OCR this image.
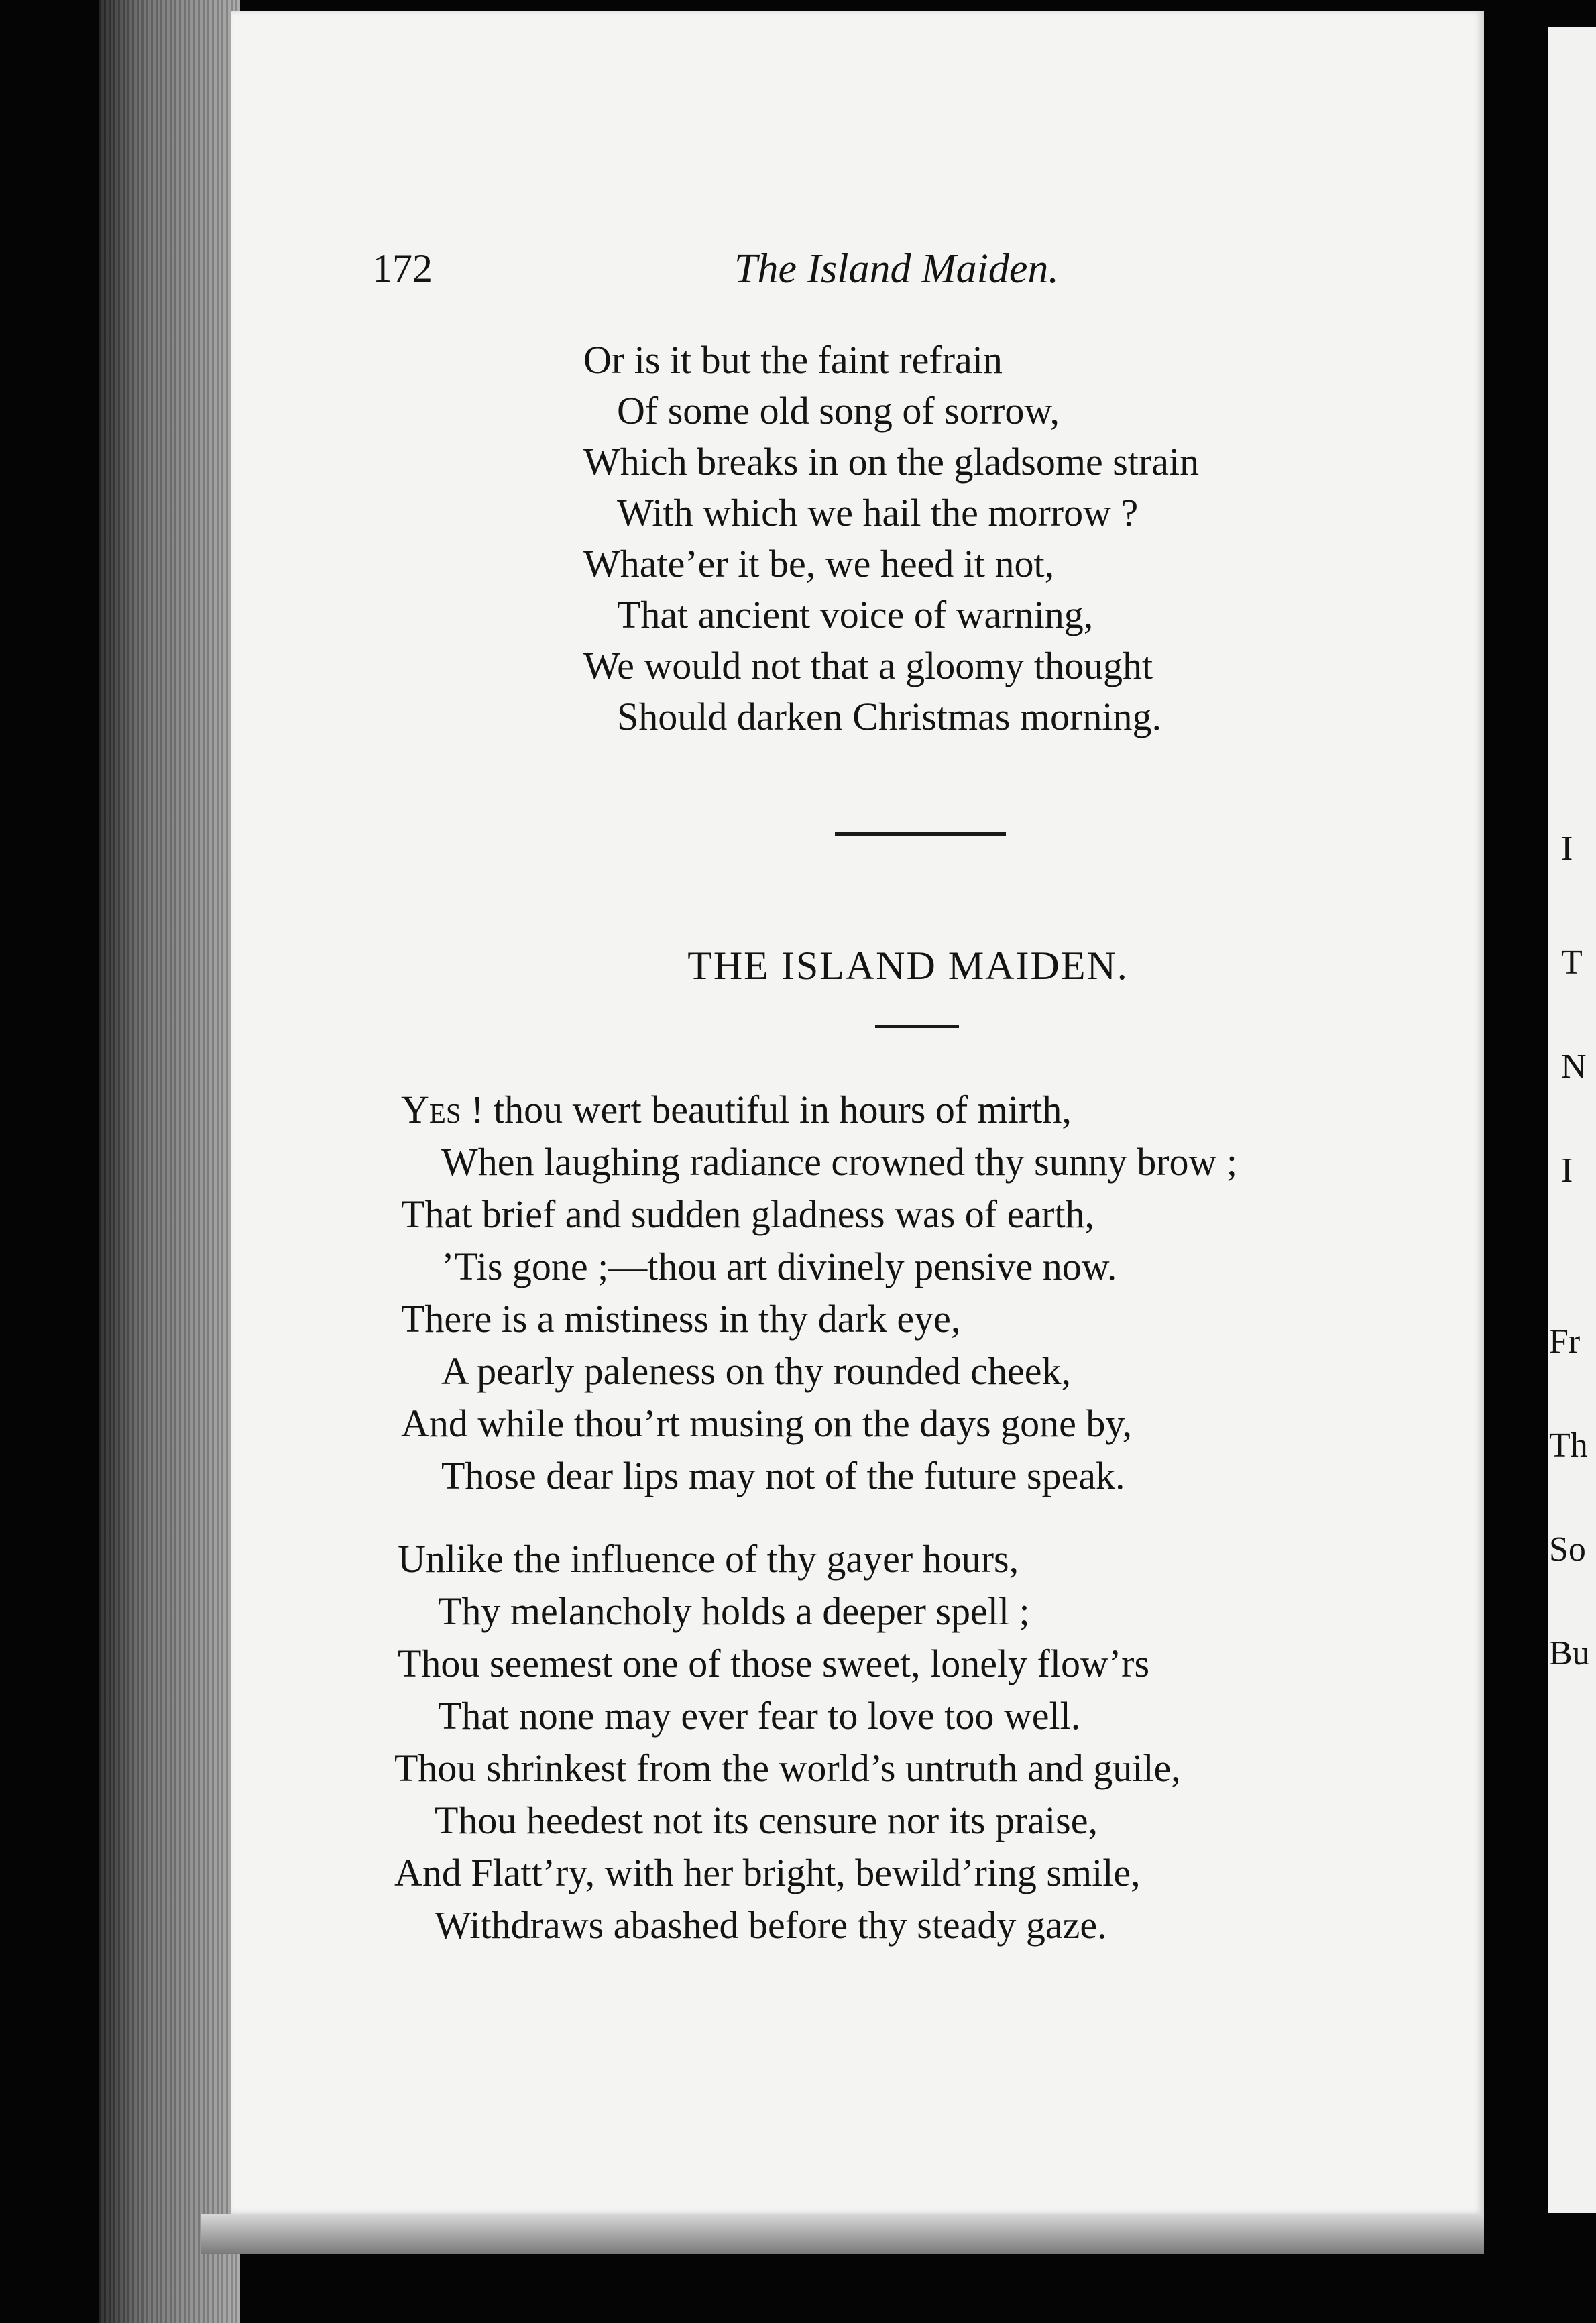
172	The Island Maiden.
Or is it but the faint refrain
Of some old song of sorrow,
Which breaks in on the gladsome strain
With which we hail the morrow ?
Whate’er it be, we heed it not,
That ancient voice of warning,
We would not that a gloomy thought
Should darken Christmas morning.
THE ISLAND MAIDEN.
Yes ! thou wert beautiful in hours of mirth,
When laughing radiance crowned thy sunny brow ;
That brief and sudden gladness was of earth,
’Tis gone ;—thou art divinely pensive now.
There is a mistiness in thy dark eye,
A pearly paleness on thy rounded cheek,
And while thou’rt musing on the days gone by,
Those dear lips may not of the future speak.
Unlike the influence of thy gayer hours,
Thy melancholy holds a deeper spell ;
Thou seemest one of those sweet, lonely flow’rs
That none may ever fear to love too well.
Thou shrinkest from the world’s untruth and guile,
Thou heedest not its censure nor its praise,
And Flatt’ry, with her bright, bewild’ring smile,
Withdraws abashed before thy steady gaze.
I
T
N
I
Fr
Th
So
Bu
